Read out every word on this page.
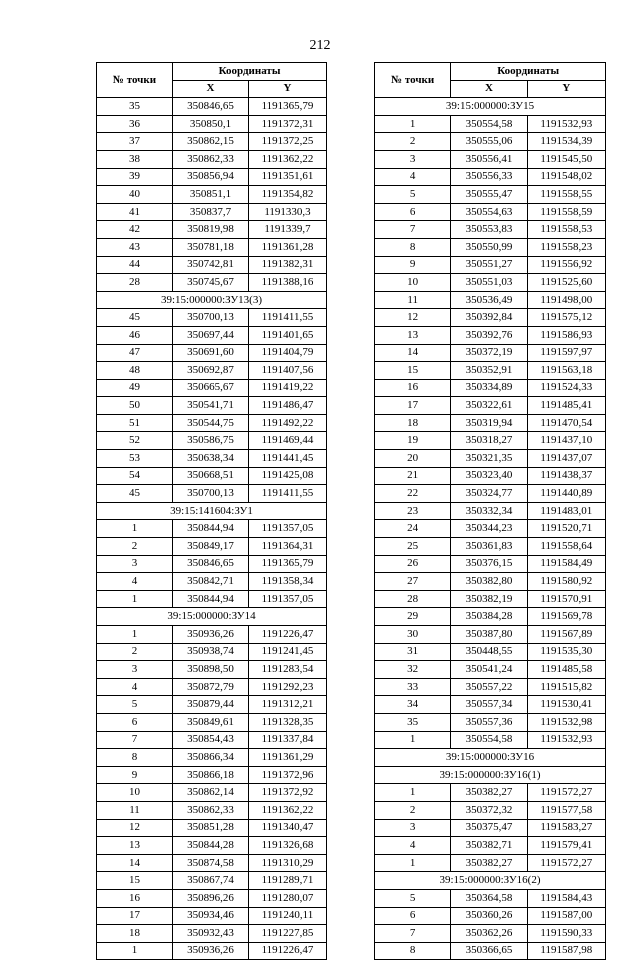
212
№ точки	Координаты	
	X	Y
35	350846,65	1191365,79
36	350850,1	1191372,31
37	350862,15	1191372,25
38	350862,33	1191362,22
39	350856,94	1191351,61
40	350851,1	1191354,82
41	350837,7	1191330,3
42	350819,98	1191339,7
43	350781,18	1191361,28
44	350742,81	1191382,31
28	350745,67	1191388,16
39:15:000000:ЗУ13(3)		
45	350700,13	1191411,55
46	350697,44	1191401,65
47	350691,60	1191404,79
48	350692,87	1191407,56
49	350665,67	1191419,22
50	350541,71	1191486,47
51	350544,75	1191492,22
52	350586,75	1191469,44
53	350638,34	1191441,45
54	350668,51	1191425,08
45	350700,13	1191411,55
39:15:141604:ЗУ1		
1	350844,94	1191357,05
2	350849,17	1191364,31
3	350846,65	1191365,79
4	350842,71	1191358,34
1	350844,94	1191357,05
39:15:000000:ЗУ14		
1	350936,26	1191226,47
2	350938,74	1191241,45
3	350898,50	1191283,54
4	350872,79	1191292,23
5	350879,44	1191312,21
6	350849,61	1191328,35
7	350854,43	1191337,84
8	350866,34	1191361,29
9	350866,18	1191372,96
10	350862,14	1191372,92
11	350862,33	1191362,22
12	350851,28	1191340,47
13	350844,28	1191326,68
14	350874,58	1191310,29
15	350867,74	1191289,71
16	350896,26	1191280,07
17	350934,46	1191240,11
18	350932,43	1191227,85
1	350936,26	1191226,47
№ точки	Координаты	
	X	Y
39:15:000000:ЗУ15		
1	350554,58	1191532,93
2	350555,06	1191534,39
3	350556,41	1191545,50
4	350556,33	1191548,02
5	350555,47	1191558,55
6	350554,63	1191558,59
7	350553,83	1191558,53
8	350550,99	1191558,23
9	350551,27	1191556,92
10	350551,03	1191525,60
11	350536,49	1191498,00
12	350392,84	1191575,12
13	350392,76	1191586,93
14	350372,19	1191597,97
15	350352,91	1191563,18
16	350334,89	1191524,33
17	350322,61	1191485,41
18	350319,94	1191470,54
19	350318,27	1191437,10
20	350321,35	1191437,07
21	350323,40	1191438,37
22	350324,77	1191440,89
23	350332,34	1191483,01
24	350344,23	1191520,71
25	350361,83	1191558,64
26	350376,15	1191584,49
27	350382,80	1191580,92
28	350382,19	1191570,91
29	350384,28	1191569,78
30	350387,80	1191567,89
31	350448,55	1191535,30
32	350541,24	1191485,58
33	350557,22	1191515,82
34	350557,34	1191530,41
35	350557,36	1191532,98
1	350554,58	1191532,93
39:15:000000:ЗУ16		
39:15:000000:ЗУ16(1)		
1	350382,27	1191572,27
2	350372,32	1191577,58
3	350375,47	1191583,27
4	350382,71	1191579,41
1	350382,27	1191572,27
39:15:000000:ЗУ16(2)		
5	350364,58	1191584,43
6	350360,26	1191587,00
7	350362,26	1191590,33
8	350366,65	1191587,98
